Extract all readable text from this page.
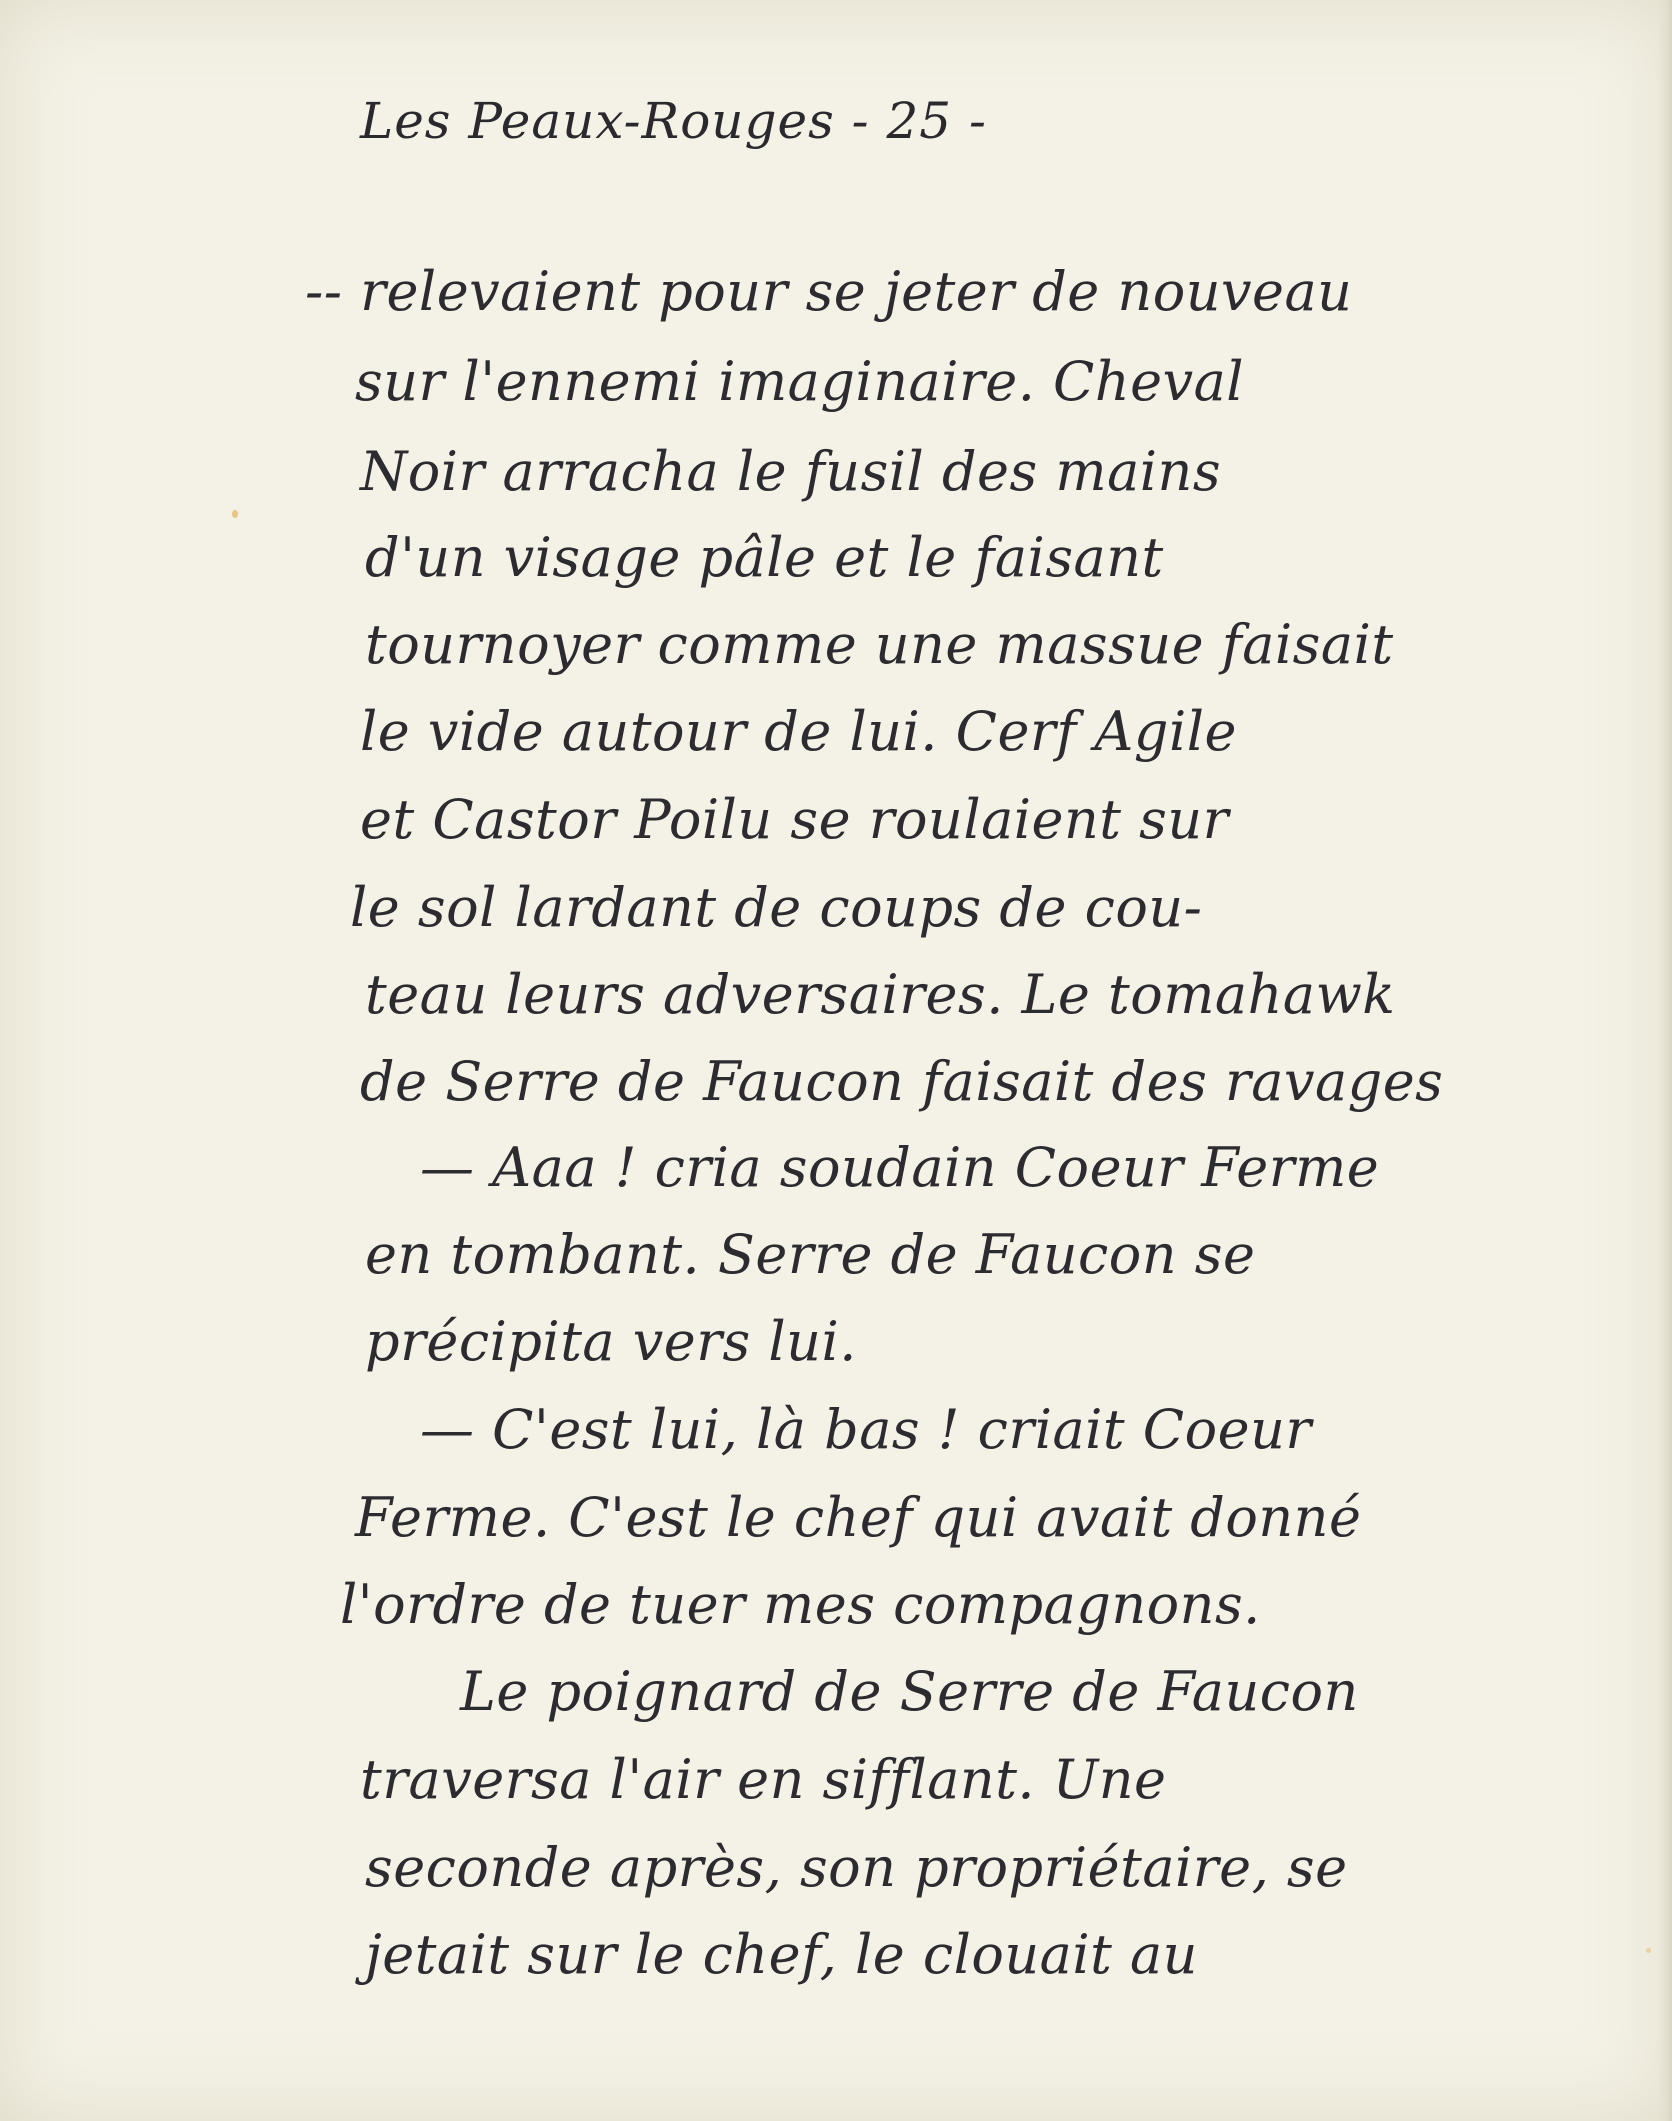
Les Peaux-Rouges - 25 -
-- relevaient pour se jeter de nouveau
sur l'ennemi imaginaire. Cheval
Noir arracha le fusil des mains
d'un visage pâle et le faisant
tournoyer comme une massue faisait
le vide autour de lui. Cerf Agile
et Castor Poilu se roulaient sur
le sol lardant de coups de cou-
teau leurs adversaires. Le tomahawk
de Serre de Faucon faisait des ravages
— Aaa ! cria soudain Coeur Ferme
en tombant. Serre de Faucon se
précipita vers lui.
— C'est lui, là bas ! criait Coeur
Ferme. C'est le chef qui avait donné
l'ordre de tuer mes compagnons.
Le poignard de Serre de Faucon
traversa l'air en sifflant. Une
seconde après, son propriétaire, se
jetait sur le chef, le clouait au
